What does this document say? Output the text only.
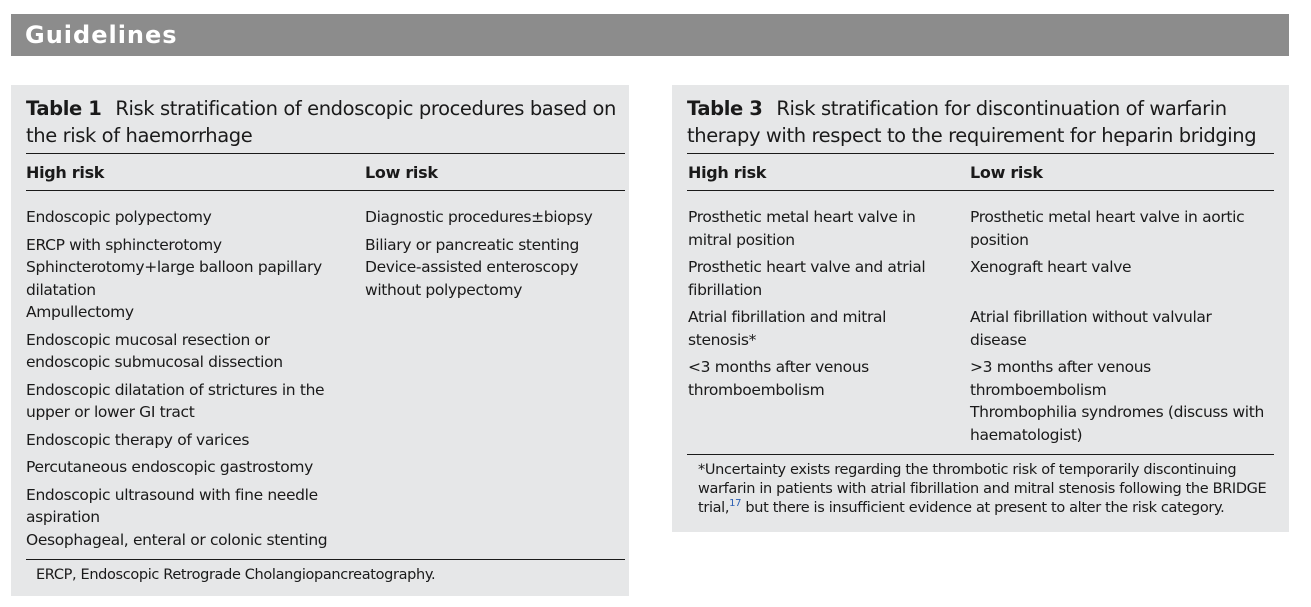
Guidelines
Table 1 Risk stratification of endoscopic procedures based on the risk of haemorrhage
High risk	Low risk
Endoscopic polypectomy
ERCP with sphincterotomy
Sphincterotomy+large balloon papillary dilatation
Ampullectomy
Endoscopic mucosal resection or endoscopic submucosal dissection
Endoscopic dilatation of strictures in the upper or lower GI tract
Endoscopic therapy of varices
Percutaneous endoscopic gastrostomy
Endoscopic ultrasound with fine needle aspiration
Oesophageal, enteral or colonic stenting
Diagnostic procedures±biopsy
Biliary or pancreatic stenting
Device-assisted enteroscopy without polypectomy
ERCP, Endoscopic Retrograde Cholangiopancreatography.
Table 3 Risk stratification for discontinuation of warfarin therapy with respect to the requirement for heparin bridging
High risk	Low risk
Prosthetic metal heart valve in mitral position
Prosthetic heart valve and atrial fibrillation
Atrial fibrillation and mitral stenosis*
<3 months after venous thromboembolism
Prosthetic metal heart valve in aortic position
Xenograft heart valve
Atrial fibrillation without valvular disease
>3 months after venous thromboembolism
Thrombophilia syndromes (discuss with haematologist)
*Uncertainty exists regarding the thrombotic risk of temporarily discontinuing warfarin in patients with atrial fibrillation and mitral stenosis following the BRIDGE trial,$^{17}$ but there is insufficient evidence at present to alter the risk category.
